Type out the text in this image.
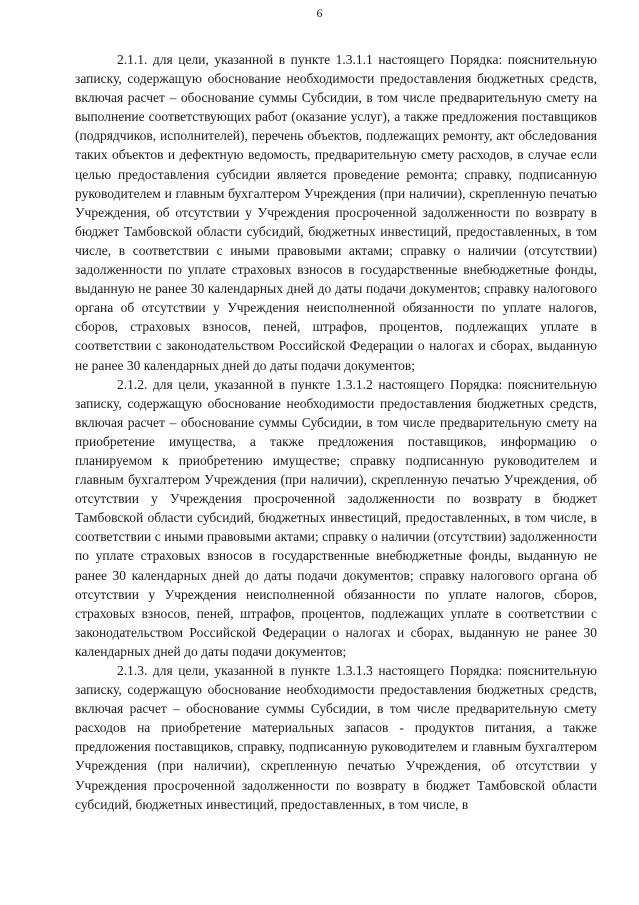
6

2.1.1. для цели, указанной в пункте 1.3.1.1 настоящего Порядка: пояснительную записку, содержащую обоснование необходимости предоставления бюджетных средств, включая расчет – обоснование суммы Субсидии, в том числе предварительную смету на выполнение соответствующих работ (оказание услуг), а также предложения поставщиков (подрядчиков, исполнителей), перечень объектов, подлежащих ремонту, акт обследования таких объектов и дефектную ведомость, предварительную смету расходов, в случае если целью предоставления субсидии является проведение ремонта; справку, подписанную руководителем и главным бухгалтером Учреждения (при наличии), скрепленную печатью Учреждения, об отсутствии у Учреждения просроченной задолженности по возврату в бюджет Тамбовской области субсидий, бюджетных инвестиций, предоставленных, в том числе, в соответствии с иными правовыми актами; справку о наличии (отсутствии) задолженности по уплате страховых взносов в государственные внебюджетные фонды, выданную не ранее 30 календарных дней до даты подачи документов; справку налогового органа об отсутствии у Учреждения неисполненной обязанности по уплате налогов, сборов, страховых взносов, пеней, штрафов, процентов, подлежащих уплате в соответствии с законодательством Российской Федерации о налогах и сборах, выданную не ранее 30 календарных дней до даты подачи документов;

2.1.2. для цели, указанной в пункте 1.3.1.2 настоящего Порядка: пояснительную записку, содержащую обоснование необходимости предоставления бюджетных средств, включая расчет – обоснование суммы Субсидии, в том числе предварительную смету на приобретение имущества, а также предложения поставщиков, информацию о планируемом к приобретению имуществе; справку подписанную руководителем и главным бухгалтером Учреждения (при наличии), скрепленную печатью Учреждения, об отсутствии у Учреждения просроченной задолженности по возврату в бюджет Тамбовской области субсидий, бюджетных инвестиций, предоставленных, в том числе, в соответствии с иными правовыми актами; справку о наличии (отсутствии) задолженности по уплате страховых взносов в государственные внебюджетные фонды, выданную не ранее 30 календарных дней до даты подачи документов; справку налогового органа об отсутствии у Учреждения неисполненной обязанности по уплате налогов, сборов, страховых взносов, пеней, штрафов, процентов, подлежащих уплате в соответствии с законодательством Российской Федерации о налогах и сборах, выданную не ранее 30 календарных дней до даты подачи документов;

2.1.3. для цели, указанной в пункте 1.3.1.3 настоящего Порядка: пояснительную записку, содержащую обоснование необходимости предоставления бюджетных средств, включая расчет – обоснование суммы Субсидии, в том числе предварительную смету расходов на приобретение материальных запасов - продуктов питания, а также предложения поставщиков, справку, подписанную руководителем и главным бухгалтером Учреждения (при наличии), скрепленную печатью Учреждения, об отсутствии у Учреждения просроченной задолженности по возврату в бюджет Тамбовской области субсидий, бюджетных инвестиций, предоставленных, в том числе, в
